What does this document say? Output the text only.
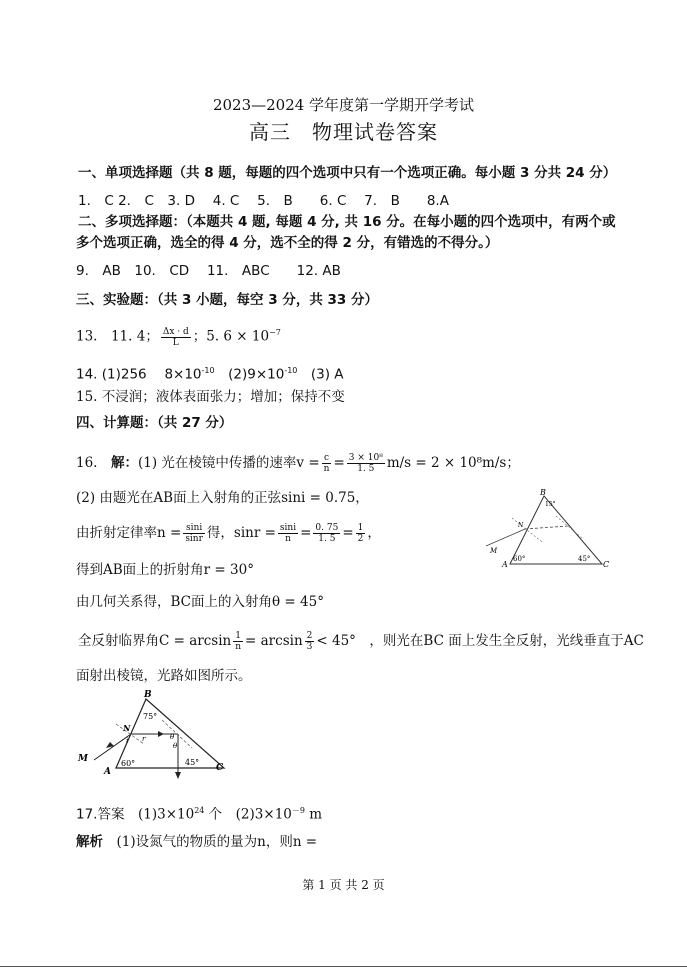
2023—2024 学年度第一学期开学考试
高三　物理试卷答案
一、单项选择题（共 8 题，每题的四个选项中只有一个选项正确。每小题 3 分共 24 分）
1.　C 2.　C　3. D　 4. C　 5.　B　　6. C　 7.　B　　8.A
二、多项选择题：（本题共 4 题, 每题 4 分, 共 16 分。在每小题的四个选项中，有两个或
多个选项正确，选全的得 4 分，选不全的得 2 分，有错选的不得分。）
9.　AB　10.　CD　 11.　ABC　　12. AB
三、实验题：（共 3 小题，每空 3 分，共 33 分）
13.　11. 4； $\frac{\Delta x \cdot d}{L}$ ；5. $6 \times 10^{-7}$
14. (1)256　 $8\times 10^{-10}$　$(2)9\times 10^{-10}$　(3) A
15. 不浸润；液体表面张力；增加；保持不变
四、计算题：（共 27 分）
16.　解：(1) 光在棱镜中传播的速率$v = \frac{c}{n} = \frac{\text{3 × 10⁸}}{1. 5} m/s = 2 \times 10^8m/s$；
(2) 由题光在AB面上入射角的正弦sini = 0.75，
由折射定律率$n = \frac{\sin i}{\sin r}$ 得，$\sin r = \frac{\sin i}{n} = \frac{0. 75}{1. 5} = \frac{1}{2}$ ，
得到AB面上的折射角r = 30°
由几何关系得，BC面上的入射角θ = 45°
全反射临界角$C = \arcsin \frac{1}{n} = \arcsin \frac{2}{3} < 45^\circ$　，则光在BC 面上发生全反射，光线垂直于AC
面射出棱镜，光路如图所示。
B
15°
A
60°
C
45°
M
N
B
75°
A
60°	C
45°
M
N
i r	θ
θ
17.答案　$(1)3\times 10^{24}$ 个　$(2)3\times 10^{-9}$ m
解析　(1)设氮气的物质的量为n，则n =
第 1 页 共 2 页
